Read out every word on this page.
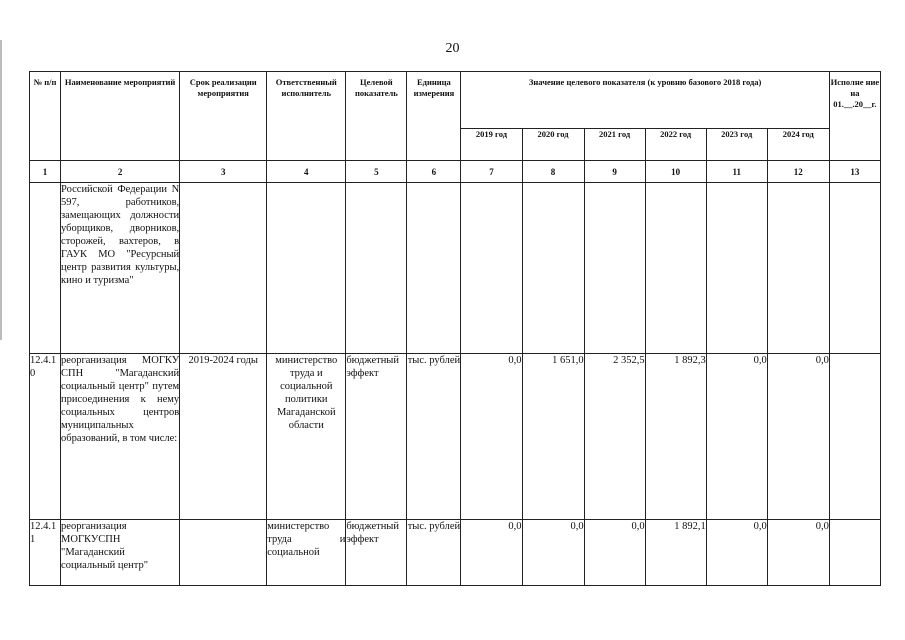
20
№ п/п	Наименование мероприятий	Срок реализации мероприятия	Ответственный исполнитель	Целевой показатель	Единица измерения	Значение целевого показателя (к уровню базового 2018 года)						Исполне ние на 01.__.20__г.
						2019 год	2020 год	2021 год	2022 год	2023 год	2024 год	
1	2	3	4	5	6	7	8	9	10	11	12	13
	Российской Федерации N 597, работников, замещающих должности уборщиков, дворников, сторожей, вахтеров, в ГАУК МО "Ресурсный центр развития культуры, кино и туризма"											
12.4.10	реорганизация МОГКУ СПН "Магаданский социальный центр" путем присоединения к нему социальных центров муниципальных образований, в том числе:	2019-2024 годы	министерство труда и социальной политики Магаданской области	бюджетный эффект	тыс. рублей	0,0	1 651,0	2 352,5	1 892,3	0,0	0,0	
12.4.11	реорганизация МОГКУСПН "Магаданский социальный центр"		министерство труда и социальной	бюджетный эффект	тыс. рублей	0,0	0,0	0,0	1 892,1	0,0	0,0	
